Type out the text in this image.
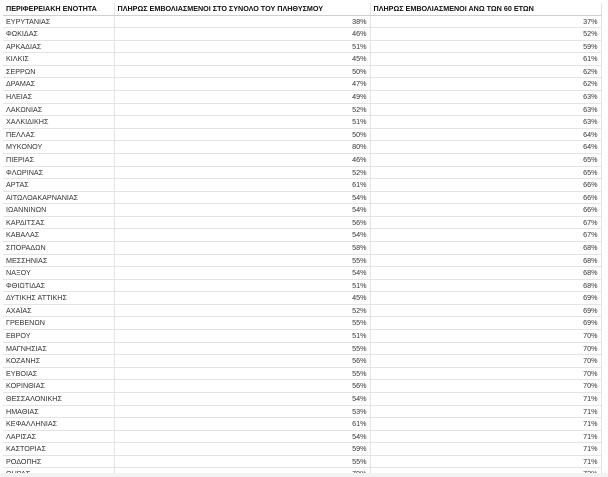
ΠΕΡΙΦΕΡΕΙΑΚΗ ΕΝΟΤΗΤΑ	ΠΛΗΡΩΣ ΕΜΒΟΛΙΑΣΜΕΝΟΙ ΣΤΟ ΣΥΝΟΛΟ ΤΟΥ ΠΛΗΘΥΣΜΟΥ	ΠΛΗΡΩΣ ΕΜΒΟΛΙΑΣΜΕΝΟΙ ΑΝΩ ΤΩΝ 60 ΕΤΩΝ
ΕΥΡΥΤΑΝΙΑΣ	38%	37%
ΦΩΚΙΔΑΣ	46%	52%
ΑΡΚΑΔΙΑΣ	51%	59%
ΚΙΛΚΙΣ	45%	61%
ΣΕΡΡΩΝ	50%	62%
ΔΡΑΜΑΣ	47%	62%
ΗΛΕΙΑΣ	49%	63%
ΛΑΚΩΝΙΑΣ	52%	63%
ΧΑΛΚΙΔΙΚΗΣ	51%	63%
ΠΕΛΛΑΣ	50%	64%
ΜΥΚΟΝΟΥ	80%	64%
ΠΙΕΡΙΑΣ	46%	65%
ΦΛΩΡΙΝΑΣ	52%	65%
ΑΡΤΑΣ	61%	66%
ΑΙΤΩΛΟΑΚΑΡΝΑΝΙΑΣ	54%	66%
ΙΩΑΝΝΙΝΩΝ	54%	66%
ΚΑΡΔΙΤΣΑΣ	56%	67%
ΚΑΒΑΛΑΣ	54%	67%
ΣΠΟΡΑΔΩΝ	58%	68%
ΜΕΣΣΗΝΙΑΣ	55%	68%
ΝΑΞΟΥ	54%	68%
ΦΘΙΩΤΙΔΑΣ	51%	68%
ΔΥΤΙΚΗΣ ΑΤΤΙΚΗΣ	45%	69%
ΑΧΑΪΑΣ	52%	69%
ΓΡΕΒΕΝΩΝ	55%	69%
ΕΒΡΟΥ	51%	70%
ΜΑΓΝΗΣΙΑΣ	55%	70%
ΚΟΖΑΝΗΣ	56%	70%
ΕΥΒΟΙΑΣ	55%	70%
ΚΟΡΙΝΘΙΑΣ	56%	70%
ΘΕΣΣΑΛΟΝΙΚΗΣ	54%	71%
ΗΜΑΘΙΑΣ	53%	71%
ΚΕΦΑΛΛΗΝΙΑΣ	61%	71%
ΛΑΡΙΣΑΣ	54%	71%
ΚΑΣΤΟΡΙΑΣ	59%	71%
ΡΟΔΟΠΗΣ	55%	71%
